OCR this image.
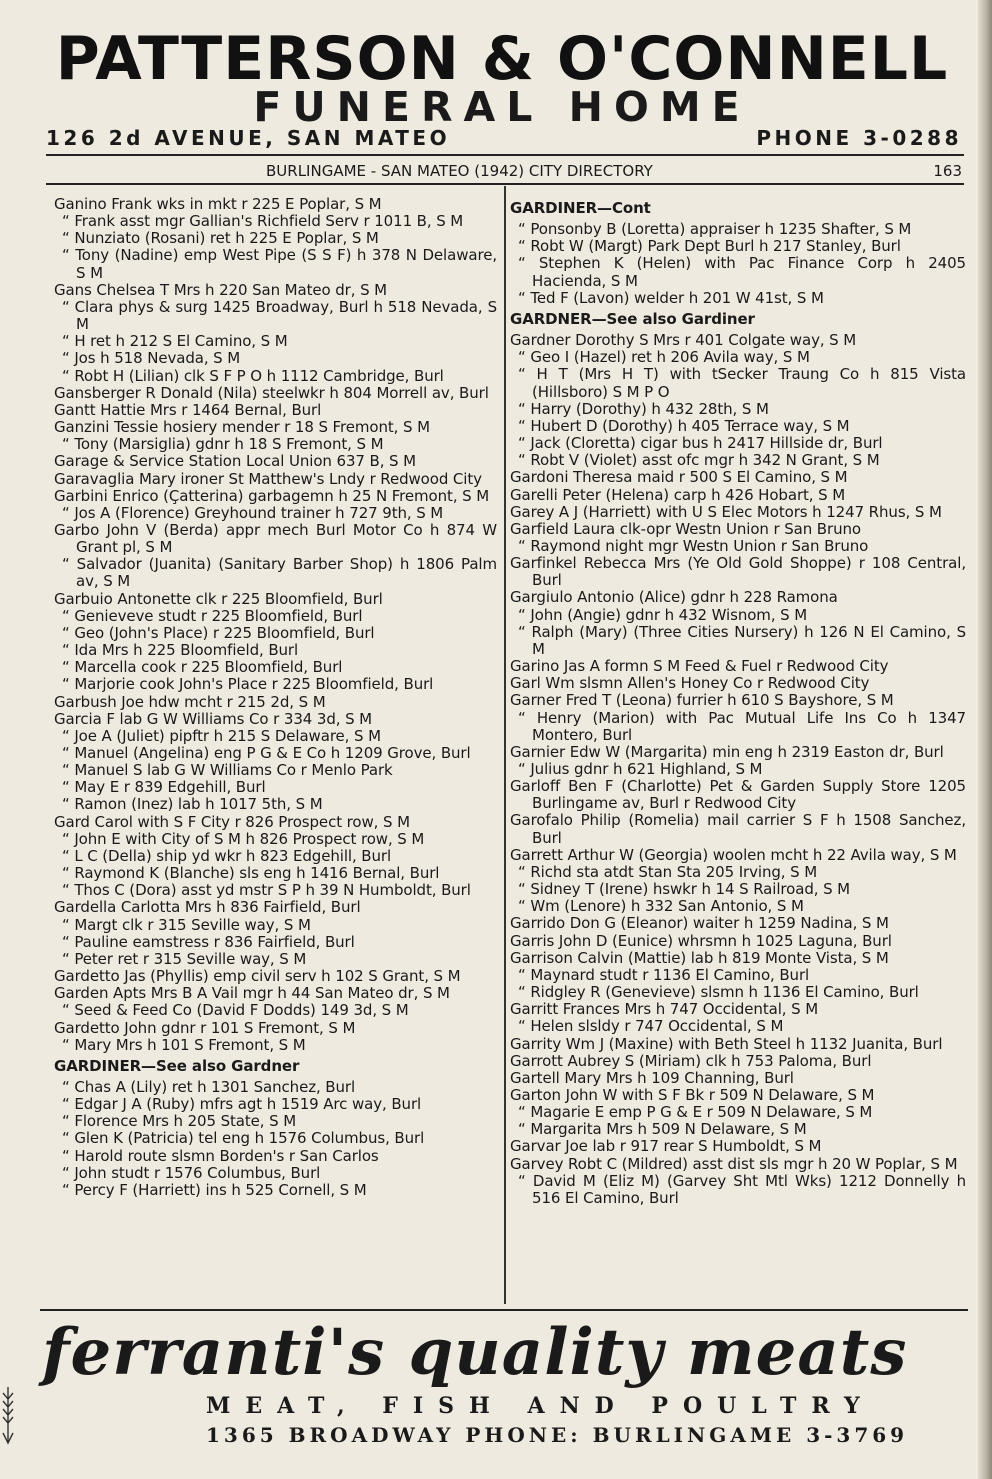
PATTERSON & O'CONNELL
FUNERAL HOME
126 2d AVENUE, SAN MATEO	PHONE 3-0288
BURLINGAME - SAN MATEO (1942) CITY DIRECTORY	163
Ganino Frank wks in mkt r 225 E Poplar, S M
“ Frank asst mgr Gallian's Richfield Serv r 1011 B, S M
“ Nunziato (Rosani) ret h 225 E Poplar, S M
“ Tony (Nadine) emp West Pipe (S S F) h 378 N Delaware, S M
Gans Chelsea T Mrs h 220 San Mateo dr, S M
“ Clara phys & surg 1425 Broadway, Burl h 518 Nevada, S M
“ H ret h 212 S El Camino, S M
“ Jos h 518 Nevada, S M
“ Robt H (Lilian) clk S F P O h 1112 Cambridge, Burl
Gansberger R Donald (Nila) steelwkr h 804 Morrell av, Burl
Gantt Hattie Mrs r 1464 Bernal, Burl
Ganzini Tessie hosiery mender r 18 S Fremont, S M
“ Tony (Marsiglia) gdnr h 18 S Fremont, S M
Garage & Service Station Local Union 637 B, S M
Garavaglia Mary ironer St Matthew's Lndy r Redwood City
Garbini Enrico (Çatterina) garbagemn h 25 N Fremont, S M
“ Jos A (Florence) Greyhound trainer h 727 9th, S M
Garbo John V (Berda) appr mech Burl Motor Co h 874 W Grant pl, S M
“ Salvador (Juanita) (Sanitary Barber Shop) h 1806 Palm av, S M
Garbuio Antonette clk r 225 Bloomfield, Burl
“ Genieveve studt r 225 Bloomfield, Burl
“ Geo (John's Place) r 225 Bloomfield, Burl
“ Ida Mrs h 225 Bloomfield, Burl
“ Marcella cook r 225 Bloomfield, Burl
“ Marjorie cook John's Place r 225 Bloomfield, Burl
Garbush Joe hdw mcht r 215 2d, S M
Garcia F lab G W Williams Co r 334 3d, S M
“ Joe A (Juliet) pipftr h 215 S Delaware, S M
“ Manuel (Angelina) eng P G & E Co h 1209 Grove, Burl
“ Manuel S lab G W Williams Co r Menlo Park
“ May E r 839 Edgehill, Burl
“ Ramon (Inez) lab h 1017 5th, S M
Gard Carol with S F City r 826 Prospect row, S M
“ John E with City of S M h 826 Prospect row, S M
“ L C (Della) ship yd wkr h 823 Edgehill, Burl
“ Raymond K (Blanche) sls eng h 1416 Bernal, Burl
“ Thos C (Dora) asst yd mstr S P h 39 N Humboldt, Burl
Gardella Carlotta Mrs h 836 Fairfield, Burl
“ Margt clk r 315 Seville way, S M
“ Pauline eamstress r 836 Fairfield, Burl
“ Peter ret r 315 Seville way, S M
Gardetto Jas (Phyllis) emp civil serv h 102 S Grant, S M
Garden Apts Mrs B A Vail mgr h 44 San Mateo dr, S M
“ Seed & Feed Co (David F Dodds) 149 3d, S M
Gardetto John gdnr r 101 S Fremont, S M
“ Mary Mrs h 101 S Fremont, S M
GARDINER—See also Gardner
“ Chas A (Lily) ret h 1301 Sanchez, Burl
“ Edgar J A (Ruby) mfrs agt h 1519 Arc way, Burl
“ Florence Mrs h 205 State, S M
“ Glen K (Patricia) tel eng h 1576 Columbus, Burl
“ Harold route slsmn Borden's r San Carlos
“ John studt r 1576 Columbus, Burl
“ Percy F (Harriett) ins h 525 Cornell, S M
GARDINER—Cont
“ Ponsonby B (Loretta) appraiser h 1235 Shafter, S M
“ Robt W (Margt) Park Dept Burl h 217 Stanley, Burl
“ Stephen K (Helen) with Pac Finance Corp h 2405 Hacienda, S M
“ Ted F (Lavon) welder h 201 W 41st, S M
GARDNER—See also Gardiner
Gardner Dorothy S Mrs r 401 Colgate way, S M
“ Geo I (Hazel) ret h 206 Avila way, S M
“ H T (Mrs H T) with tSecker Traung Co h 815 Vista (Hillsboro) S M P O
“ Harry (Dorothy) h 432 28th, S M
“ Hubert D (Dorothy) h 405 Terrace way, S M
“ Jack (Cloretta) cigar bus h 2417 Hillside dr, Burl
“ Robt V (Violet) asst ofc mgr h 342 N Grant, S M
Gardoni Theresa maid r 500 S El Camino, S M
Garelli Peter (Helena) carp h 426 Hobart, S M
Garey A J (Harriett) with U S Elec Motors h 1247 Rhus, S M
Garfield Laura clk-opr Westn Union r San Bruno
“ Raymond night mgr Westn Union r San Bruno
Garfinkel Rebecca Mrs (Ye Old Gold Shoppe) r 108 Central, Burl
Gargiulo Antonio (Alice) gdnr h 228 Ramona
“ John (Angie) gdnr h 432 Wisnom, S M
“ Ralph (Mary) (Three Cities Nursery) h 126 N El Camino, S M
Garino Jas A formn S M Feed & Fuel r Redwood City
Garl Wm slsmn Allen's Honey Co r Redwood City
Garner Fred T (Leona) furrier h 610 S Bayshore, S M
“ Henry (Marion) with Pac Mutual Life Ins Co h 1347 Montero, Burl
Garnier Edw W (Margarita) min eng h 2319 Easton dr, Burl
“ Julius gdnr h 621 Highland, S M
Garloff Ben F (Charlotte) Pet & Garden Supply Store 1205 Burlingame av, Burl r Redwood City
Garofalo Philip (Romelia) mail carrier S F h 1508 Sanchez, Burl
Garrett Arthur W (Georgia) woolen mcht h 22 Avila way, S M
“ Richd sta atdt Stan Sta 205 Irving, S M
“ Sidney T (Irene) hswkr h 14 S Railroad, S M
“ Wm (Lenore) h 332 San Antonio, S M
Garrido Don G (Eleanor) waiter h 1259 Nadina, S M
Garris John D (Eunice) whrsmn h 1025 Laguna, Burl
Garrison Calvin (Mattie) lab h 819 Monte Vista, S M
“ Maynard studt r 1136 El Camino, Burl
“ Ridgley R (Genevieve) slsmn h 1136 El Camino, Burl
Garritt Frances Mrs h 747 Occidental, S M
“ Helen slsldy r 747 Occidental, S M
Garrity Wm J (Maxine) with Beth Steel h 1132 Juanita, Burl
Garrott Aubrey S (Miriam) clk h 753 Paloma, Burl
Gartell Mary Mrs h 109 Channing, Burl
Garton John W with S F Bk r 509 N Delaware, S M
“ Magarie E emp P G & E r 509 N Delaware, S M
“ Margarita Mrs h 509 N Delaware, S M
Garvar Joe lab r 917 rear S Humboldt, S M
Garvey Robt C (Mildred) asst dist sls mgr h 20 W Poplar, S M
“ David M (Eliz M) (Garvey Sht Mtl Wks) 1212 Donnelly h 516 El Camino, Burl
ferranti's quality meats
MEAT, FISH AND POULTRY
1365 BROADWAY PHONE: BURLINGAME 3-3769
